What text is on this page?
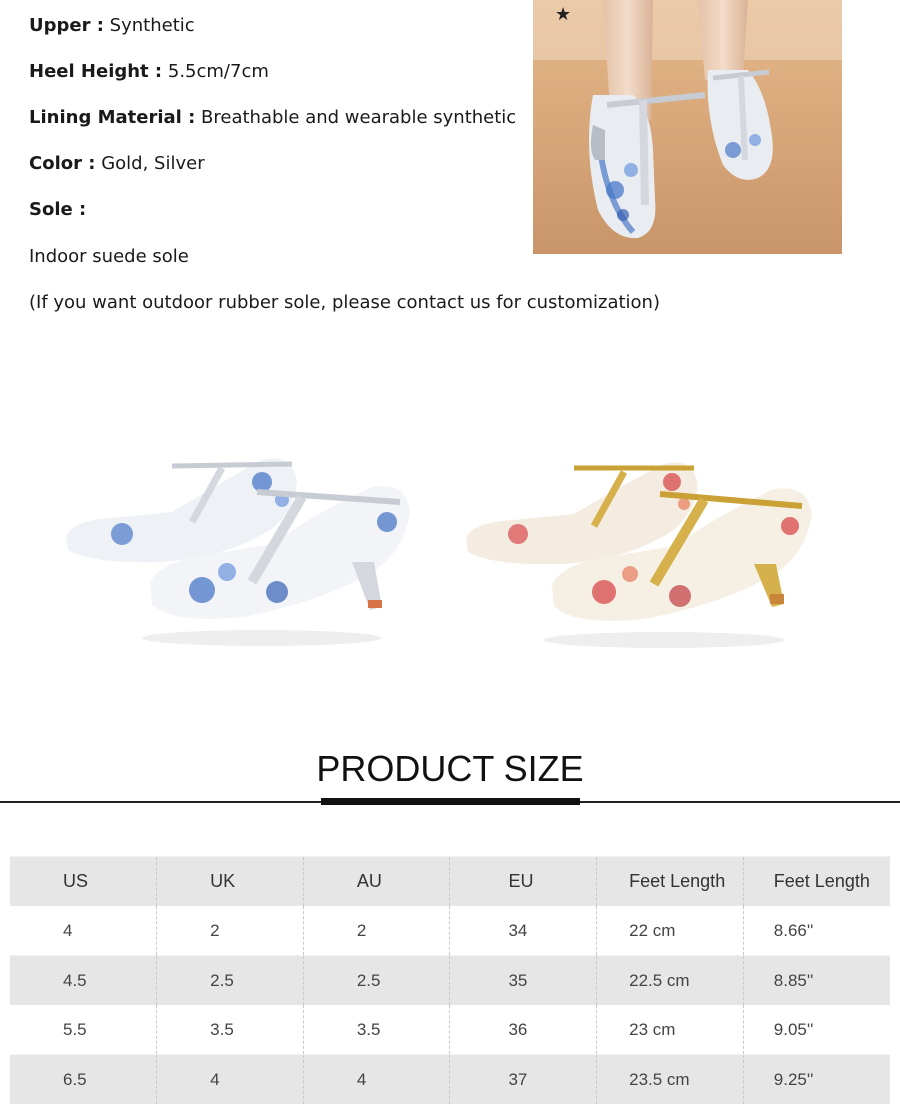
Upper : Synthetic
Heel Height : 5.5cm/7cm
Lining Material : Breathable and wearable synthetic
Color : Gold, Silver
Sole :
Indoor suede sole
(If you want outdoor rubber sole, please contact us for customization)
★
PRODUCT SIZE
US	UK	AU	EU	Feet Length	Feet Length
4	2	2	34	22 cm	8.66''
4.5	2.5	2.5	35	22.5 cm	8.85''
5.5	3.5	3.5	36	23 cm	9.05''
6.5	4	4	37	23.5 cm	9.25''
